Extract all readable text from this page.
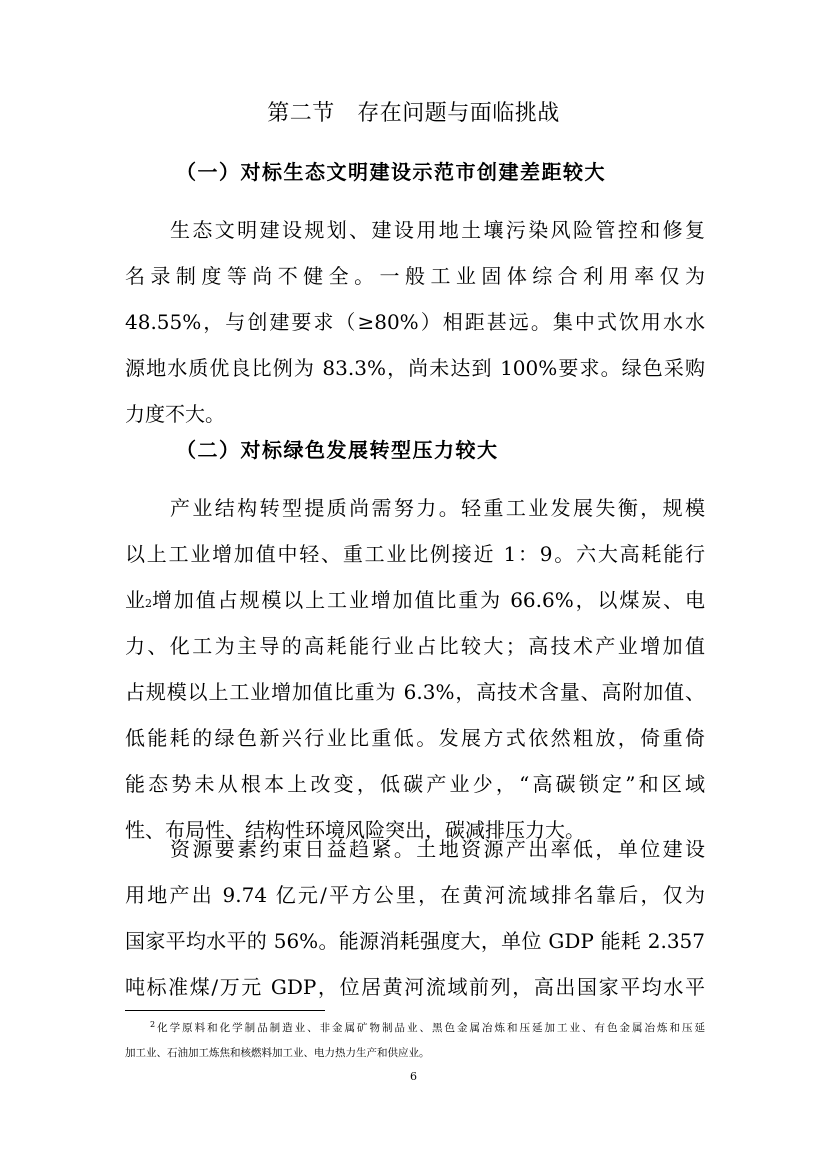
第二节　存在问题与面临挑战
（一）对标生态文明建设示范市创建差距较大
生态文明建设规划、建设用地土壤污染风险管控和修复
名录制度等尚不健全。一般工业固体综合利用率仅为
48.55%，与创建要求（≥80%）相距甚远。集中式饮用水水
源地水质优良比例为 83.3%，尚未达到 100%要求。绿色采购
力度不大。
（二）对标绿色发展转型压力较大
产业结构转型提质尚需努力。轻重工业发展失衡，规模
以上工业增加值中轻、重工业比例接近 1：9。六大高耗能行
业 2 增加值占规模以上工业增加值比重为 66.6%，以煤炭、电
力、化工为主导的高耗能行业占比较大；高技术产业增加值
占规模以上工业增加值比重为 6.3%，高技术含量、高附加值、
低能耗的绿色新兴行业比重低。发展方式依然粗放，倚重倚
能态势未从根本上改变，低碳产业少，“高碳锁定”和区域
性、布局性、结构性环境风险突出，碳减排压力大。
资源要素约束日益趋紧。土地资源产出率低，单位建设
用地产出 9.74 亿元/平方公里，在黄河流域排名靠后，仅为
国家平均水平的 56%。能源消耗强度大，单位 GDP 能耗 2.357
吨标准煤/万元 GDP，位居黄河流域前列，高出国家平均水平
$^2$化学原料和化学制品制造业、非金属矿物制品业、黑色金属冶炼和压延加工业、有色金属冶炼和压延
加工业、石油加工炼焦和核燃料加工业、电力热力生产和供应业。
6
